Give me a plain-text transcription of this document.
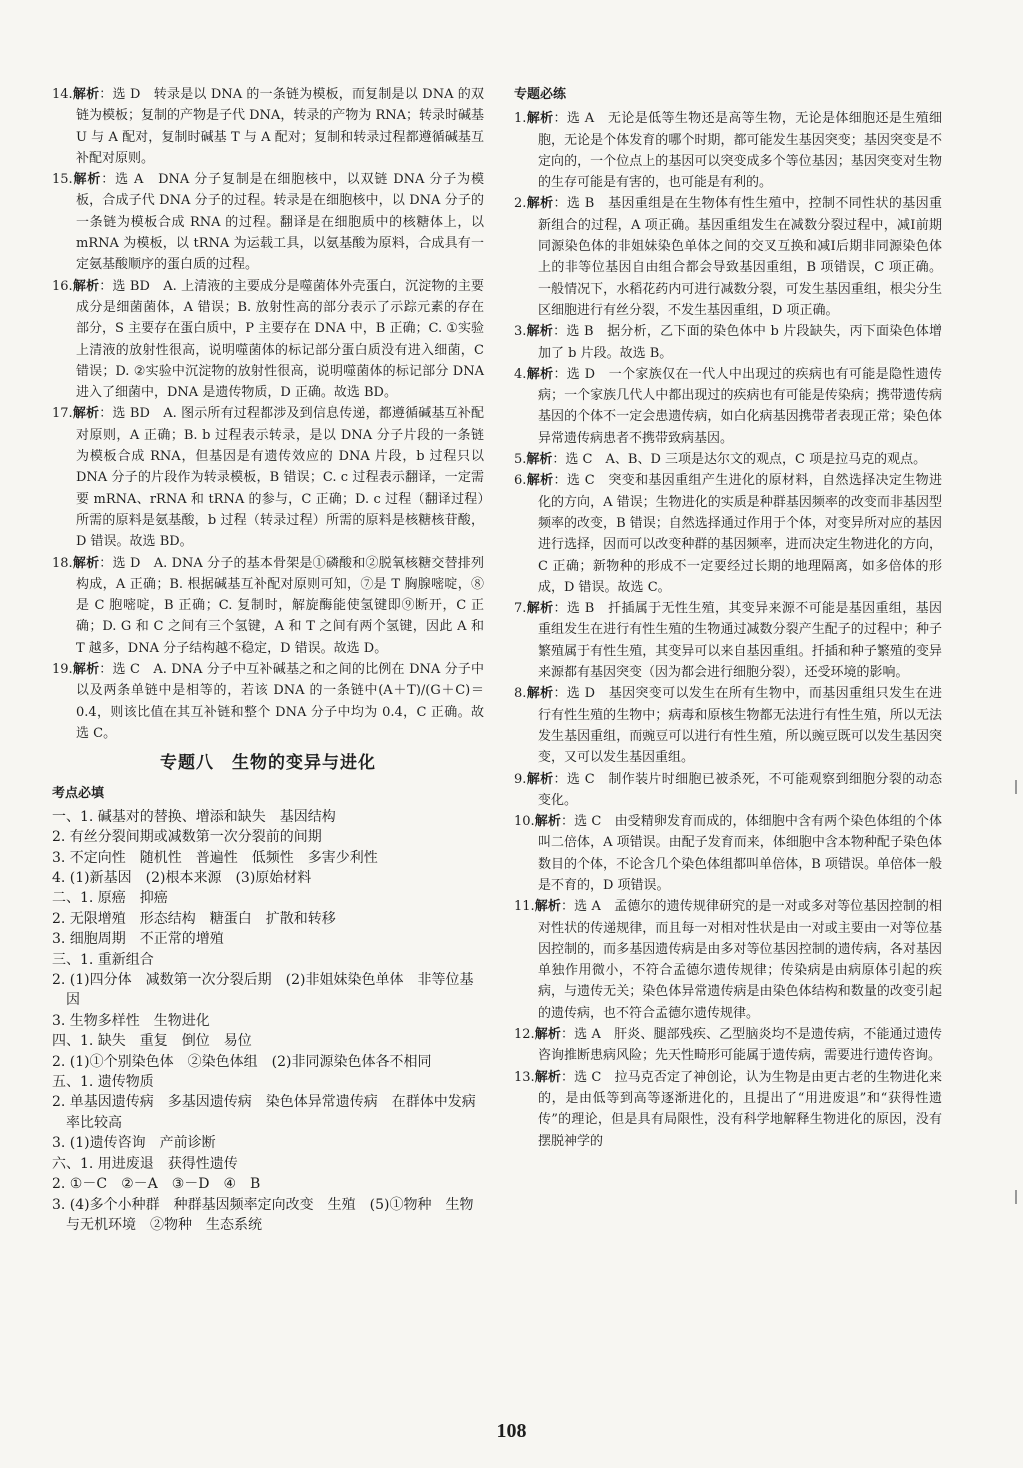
14.解析：选 D　转录是以 DNA 的一条链为模板，而复制是以 DNA 的双链为模板；复制的产物是子代 DNA，转录的产物为 RNA；转录时碱基 U 与 A 配对，复制时碱基 T 与 A 配对；复制和转录过程都遵循碱基互补配对原则。

15.解析：选 A　DNA 分子复制是在细胞核中，以双链 DNA 分子为模板，合成子代 DNA 分子的过程。转录是在细胞核中，以 DNA 分子的一条链为模板合成 RNA 的过程。翻译是在细胞质中的核糖体上，以 mRNA 为模板，以 tRNA 为运载工具，以氨基酸为原料，合成具有一定氨基酸顺序的蛋白质的过程。

16.解析：选 BD　A. 上清液的主要成分是噬菌体外壳蛋白，沉淀物的主要成分是细菌菌体，A 错误；B. 放射性高的部分表示了示踪元素的存在部分，S 主要存在蛋白质中，P 主要存在 DNA 中，B 正确；C. ①实验上清液的放射性很高，说明噬菌体的标记部分蛋白质没有进入细菌，C 错误；D. ②实验中沉淀物的放射性很高，说明噬菌体的标记部分 DNA 进入了细菌中，DNA 是遗传物质，D 正确。故选 BD。

17.解析：选 BD　A. 图示所有过程都涉及到信息传递，都遵循碱基互补配对原则，A 正确；B. b 过程表示转录，是以 DNA 分子片段的一条链为模板合成 RNA，但基因是有遗传效应的 DNA 片段，b 过程只以 DNA 分子的片段作为转录模板，B 错误；C. c 过程表示翻译，一定需要 mRNA、rRNA 和 tRNA 的参与，C 正确；D. c 过程（翻译过程）所需的原料是氨基酸，b 过程（转录过程）所需的原料是核糖核苷酸，D 错误。故选 BD。

18.解析：选 D　A. DNA 分子的基本骨架是①磷酸和②脱氧核糖交替排列构成，A 正确；B. 根据碱基互补配对原则可知，⑦是 T 胸腺嘧啶，⑧是 C 胞嘧啶，B 正确；C. 复制时，解旋酶能使氢键即⑨断开，C 正确；D. G 和 C 之间有三个氢键，A 和 T 之间有两个氢键，因此 A 和 T 越多，DNA 分子结构越不稳定，D 错误。故选 D。

19.解析：选 C　A. DNA 分子中互补碱基之和之间的比例在 DNA 分子中以及两条单链中是相等的，若该 DNA 的一条链中(A＋T)/(G＋C)＝0.4，则该比值在其互补链和整个 DNA 分子中均为 0.4，C 正确。故选 C。

专题八　生物的变异与进化
考点必填

一、1. 碱基对的替换、增添和缺失　基因结构

2. 有丝分裂间期或减数第一次分裂前的间期

3. 不定向性　随机性　普遍性　低频性　多害少利性

4. (1)新基因　(2)根本来源　(3)原始材料

二、1. 原癌　抑癌

2. 无限增殖　形态结构　糖蛋白　扩散和转移

3. 细胞周期　不正常的增殖

三、1. 重新组合

2. (1)四分体　减数第一次分裂后期　(2)非姐妹染色单体　非等位基因

3. 生物多样性　生物进化

四、1. 缺失　重复　倒位　易位

2. (1)①个别染色体　②染色体组　(2)非同源染色体各不相同

五、1. 遗传物质

2. 单基因遗传病　多基因遗传病　染色体异常遗传病　在群体中发病率比较高

3. (1)遗传咨询　产前诊断

六、1. 用进废退　获得性遗传

2. ①－C　②－A　③－D　④　B

3. (4)多个小种群　种群基因频率定向改变　生殖　(5)①物种　生物与无机环境　②物种　生态系统

专题必练

1.解析：选 A　无论是低等生物还是高等生物，无论是体细胞还是生殖细胞，无论是个体发育的哪个时期，都可能发生基因突变；基因突变是不定向的，一个位点上的基因可以突变成多个等位基因；基因突变对生物的生存可能是有害的，也可能是有利的。

2.解析：选 B　基因重组是在生物体有性生殖中，控制不同性状的基因重新组合的过程，A 项正确。基因重组发生在减数分裂过程中，减Ⅰ前期同源染色体的非姐妹染色单体之间的交叉互换和减Ⅰ后期非同源染色体上的非等位基因自由组合都会导致基因重组，B 项错误，C 项正确。一般情况下，水稻花药内可进行减数分裂，可发生基因重组，根尖分生区细胞进行有丝分裂，不发生基因重组，D 项正确。

3.解析：选 B　据分析，乙下面的染色体中 b 片段缺失，丙下面染色体增加了 b 片段。故选 B。

4.解析：选 D　一个家族仅在一代人中出现过的疾病也有可能是隐性遗传病；一个家族几代人中都出现过的疾病也有可能是传染病；携带遗传病基因的个体不一定会患遗传病，如白化病基因携带者表现正常；染色体异常遗传病患者不携带致病基因。

5.解析：选 C　A、B、D 三项是达尔文的观点，C 项是拉马克的观点。

6.解析：选 C　突变和基因重组产生进化的原材料，自然选择决定生物进化的方向，A 错误；生物进化的实质是种群基因频率的改变而非基因型频率的改变，B 错误；自然选择通过作用于个体，对变异所对应的基因进行选择，因而可以改变种群的基因频率，进而决定生物进化的方向，C 正确；新物种的形成不一定要经过长期的地理隔离，如多倍体的形成，D 错误。故选 C。

7.解析：选 B　扦插属于无性生殖，其变异来源不可能是基因重组，基因重组发生在进行有性生殖的生物通过减数分裂产生配子的过程中；种子繁殖属于有性生殖，其变异可以来自基因重组。扦插和种子繁殖的变异来源都有基因突变（因为都会进行细胞分裂），还受环境的影响。

8.解析：选 D　基因突变可以发生在所有生物中，而基因重组只发生在进行有性生殖的生物中；病毒和原核生物都无法进行有性生殖，所以无法发生基因重组，而豌豆可以进行有性生殖，所以豌豆既可以发生基因突变，又可以发生基因重组。

9.解析：选 C　制作装片时细胞已被杀死，不可能观察到细胞分裂的动态变化。

10.解析：选 C　由受精卵发育而成的，体细胞中含有两个染色体组的个体叫二倍体，A 项错误。由配子发育而来，体细胞中含本物种配子染色体数目的个体，不论含几个染色体组都叫单倍体，B 项错误。单倍体一般是不育的，D 项错误。

11.解析：选 A　孟德尔的遗传规律研究的是一对或多对等位基因控制的相对性状的传递规律，而且每一对相对性状是由一对或主要由一对等位基因控制的，而多基因遗传病是由多对等位基因控制的遗传病，各对基因单独作用微小，不符合孟德尔遗传规律；传染病是由病原体引起的疾病，与遗传无关；染色体异常遗传病是由染色体结构和数量的改变引起的遗传病，也不符合孟德尔遗传规律。

12.解析：选 A　肝炎、腿部残疾、乙型脑炎均不是遗传病，不能通过遗传咨询推断患病风险；先天性畸形可能属于遗传病，需要进行遗传咨询。

13.解析：选 C　拉马克否定了神创论，认为生物是由更古老的生物进化来的，是由低等到高等逐渐进化的，且提出了“用进废退”和“获得性遗传”的理论，但是具有局限性，没有科学地解释生物进化的原因，没有摆脱神学的

108
